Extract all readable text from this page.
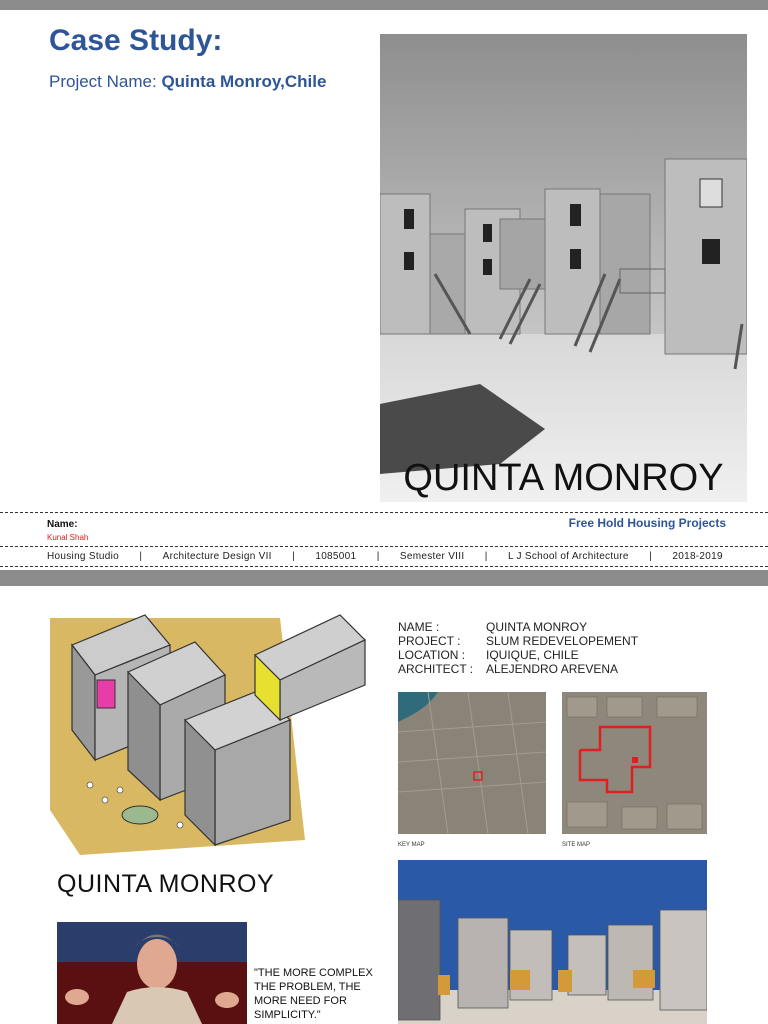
Case Study:
Project Name: Quinta Monroy,Chile
QUINTA MONROY
Name:
Kunal Shah
Free Hold Housing Projects
Housing Studio | Architecture Design VII | 1085001 | Semester VIII | L J School of Architecture | 2018-2019
QUINTA MONROY
"THE MORE COMPLEX THE PROBLEM, THE MORE NEED FOR SIMPLICITY."
NAME :	QUINTA MONROY
PROJECT :	SLUM REDEVELOPEMENT
LOCATION :	IQUIQUE, CHILE
ARCHITECT :	ALEJENDRO AREVENA
KEY MAP	SITE MAP
